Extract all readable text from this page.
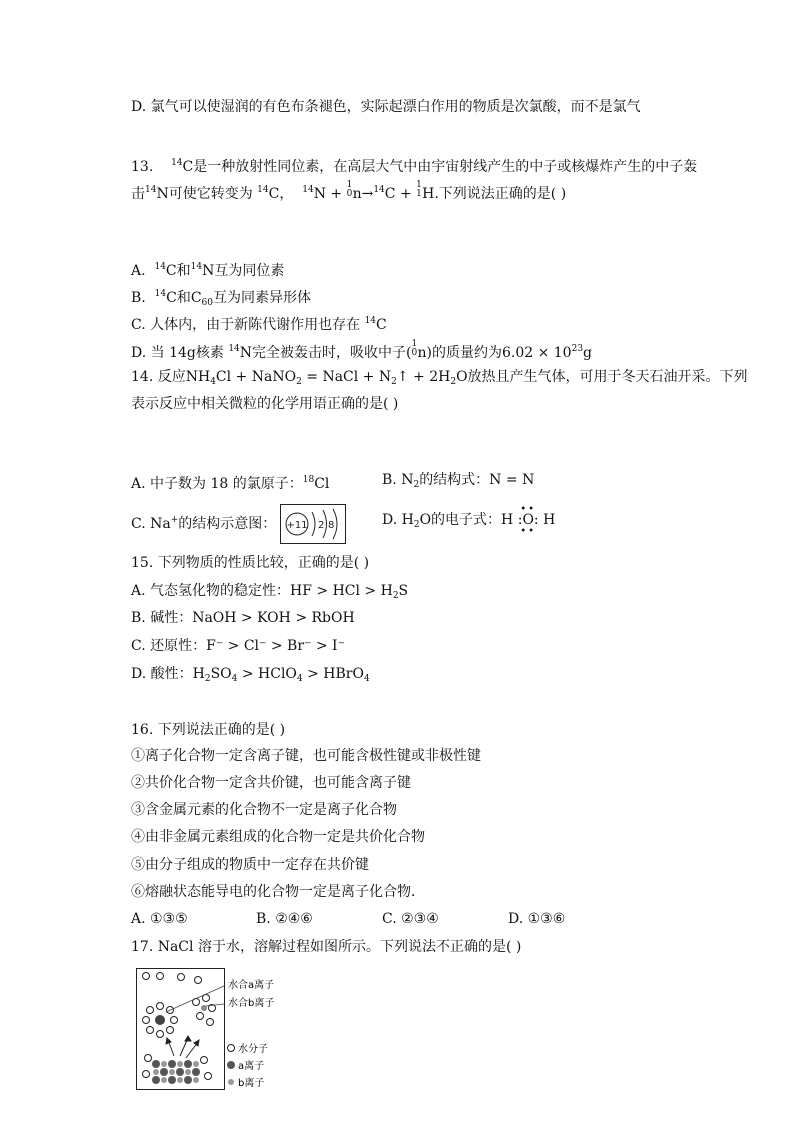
D. 氯气可以使湿润的有色布条褪色，实际起漂白作用的物质是次氯酸，而不是氯气
13. $^{14}$C是一种放射性同位素，在高层大气中由宇宙射线产生的中子或核爆炸产生的中子轰
击$^{14}$N可使它转变为 $^{14}$C， $^{14}$N +
1
0 n→$^{14}$C +
1
1 H.下列说法正确的是( )
A. $^{14}$C和$^{14}$N互为同位素
B. $^{14}$C和$C_{60}$互为同素异形体
C. 人体内，由于新陈代谢作用也存在 $^{14}$C
D. 当 14g核素 $^{14}$N完全被轰击时，吸收中子(
1
0 n)的质量约为$6.02 \times 10^{23}g$
14. 反应$NH_4Cl$ + NaNO$_2$ = NaCl + $N_2↑ + 2H_2O$放热且产生气体，可用于冬天石油开采。下列
表示反应中相关微粒的化学用语正确的是( )
A. 中子数为 18 的氯原子：$^{18}$Cl	B. $N_2$的结构式：N = N
C. Na+的结构示意图： +11 2 8	D. $H_2O$的电子式：H
••
:O:
••
H
15. 下列物质的性质比较，正确的是( )
A. 气态氢化物的稳定性：HF > HCl > $H_2S$
B. 碱性：NaOH > KOH > RbOH
C. 还原性：F⁻ > Cl⁻ > Br⁻ > I⁻
D. 酸性：$H_2SO_4$ > HClO$_4$ > HBrO$_4$
16. 下列说法正确的是( )
①离子化合物一定含离子键，也可能含极性键或非极性键
②共价化合物一定含共价键，也可能含离子键
③含金属元素的化合物不一定是离子化合物
④由非金属元素组成的化合物一定是共价化合物
⑤由分子组成的物质中一定存在共价键
⑥熔融状态能导电的化合物一定是离子化合物．
A. ①③⑤	B. ②④⑥	C. ②③④	D. ①③⑥
17. NaCl 溶于水，溶解过程如图所示。下列说法不正确的是( )
水合a离子
水合b离子
水分子
a离子
b离子
